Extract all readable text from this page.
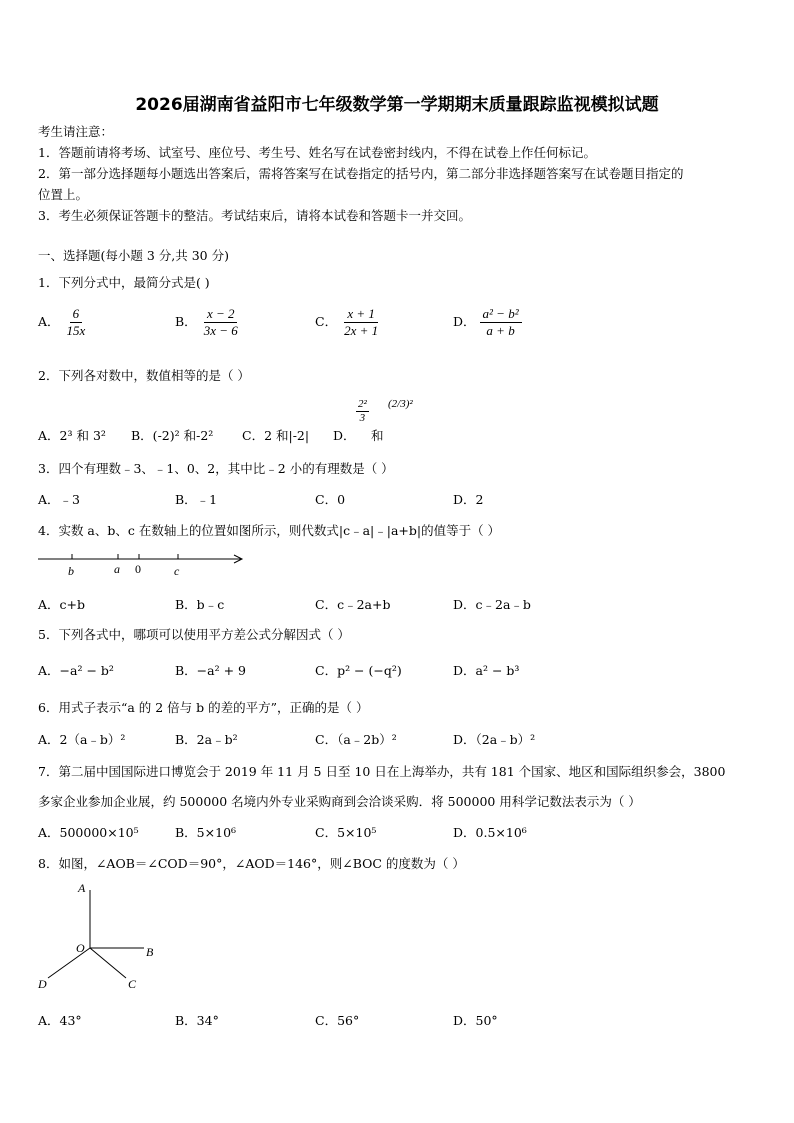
2026届湖南省益阳市七年级数学第一学期期末质量跟踪监视模拟试题
考生请注意：
1．答题前请将考场、试室号、座位号、考生号、姓名写在试卷密封线内，不得在试卷上作任何标记。
2．第一部分选择题每小题选出答案后，需将答案写在试卷指定的括号内，第二部分非选择题答案写在试卷题目指定的
位置上。
3．考生必须保证答题卡的整洁。考试结束后，请将本试卷和答题卡一并交回。
一、选择题(每小题 3 分,共 30 分)
1．下列分式中，最简分式是( )
A． $\frac{6}{15x}$	B． $\frac{x - 2}{3x - 6}$	C． $\frac{x + 1}{2x + 1}$	D． $\frac{\text{a² − b²}}{a + b}$
2．下列各对数中，数值相等的是（ ）
A．2³ 和 3² B．(-2)² 和-2² C．2 和|-2| D．
2²
3
和
(2/3)²
3．四个有理数﹣3、﹣1、0、2，其中比﹣2 小的有理数是（ ）
A．﹣3	B．﹣1	C．0	D．2
4．实数 a、b、c 在数轴上的位置如图所示，则代数式|c﹣a|﹣|a+b|的值等于（ ）
b	a 0	c
A．c+b	B．b﹣c	C．c﹣2a+b	D．c﹣2a﹣b
5．下列各式中，哪项可以使用平方差公式分解因式（ ）
A．−a² − b²	B．−a² + 9	C．p² − (−q²)	D．a² − b³
6．用式子表示“a 的 2 倍与 b 的差的平方”，正确的是（ ）
A．2（a﹣b）²	B．2a﹣b²	C．（a﹣2b）²	D．（2a﹣b）²
7．第二届中国国际进口博览会于 2019 年 11 月 5 日至 10 日在上海举办，共有 181 个国家、地区和国际组织参会，3800
多家企业参加企业展，约 500000 名境内外专业采购商到会洽谈采购．将 500000 用科学记数法表示为（ ）
A．500000×10⁵	B．5×10⁶	C．5×10⁵	D．0.5×10⁶
8．如图，∠AOB＝∠COD＝90°，∠AOD＝146°，则∠BOC 的度数为（ ）
A
O	B
C
D
A．43°	B．34°	C．56°	D．50°
